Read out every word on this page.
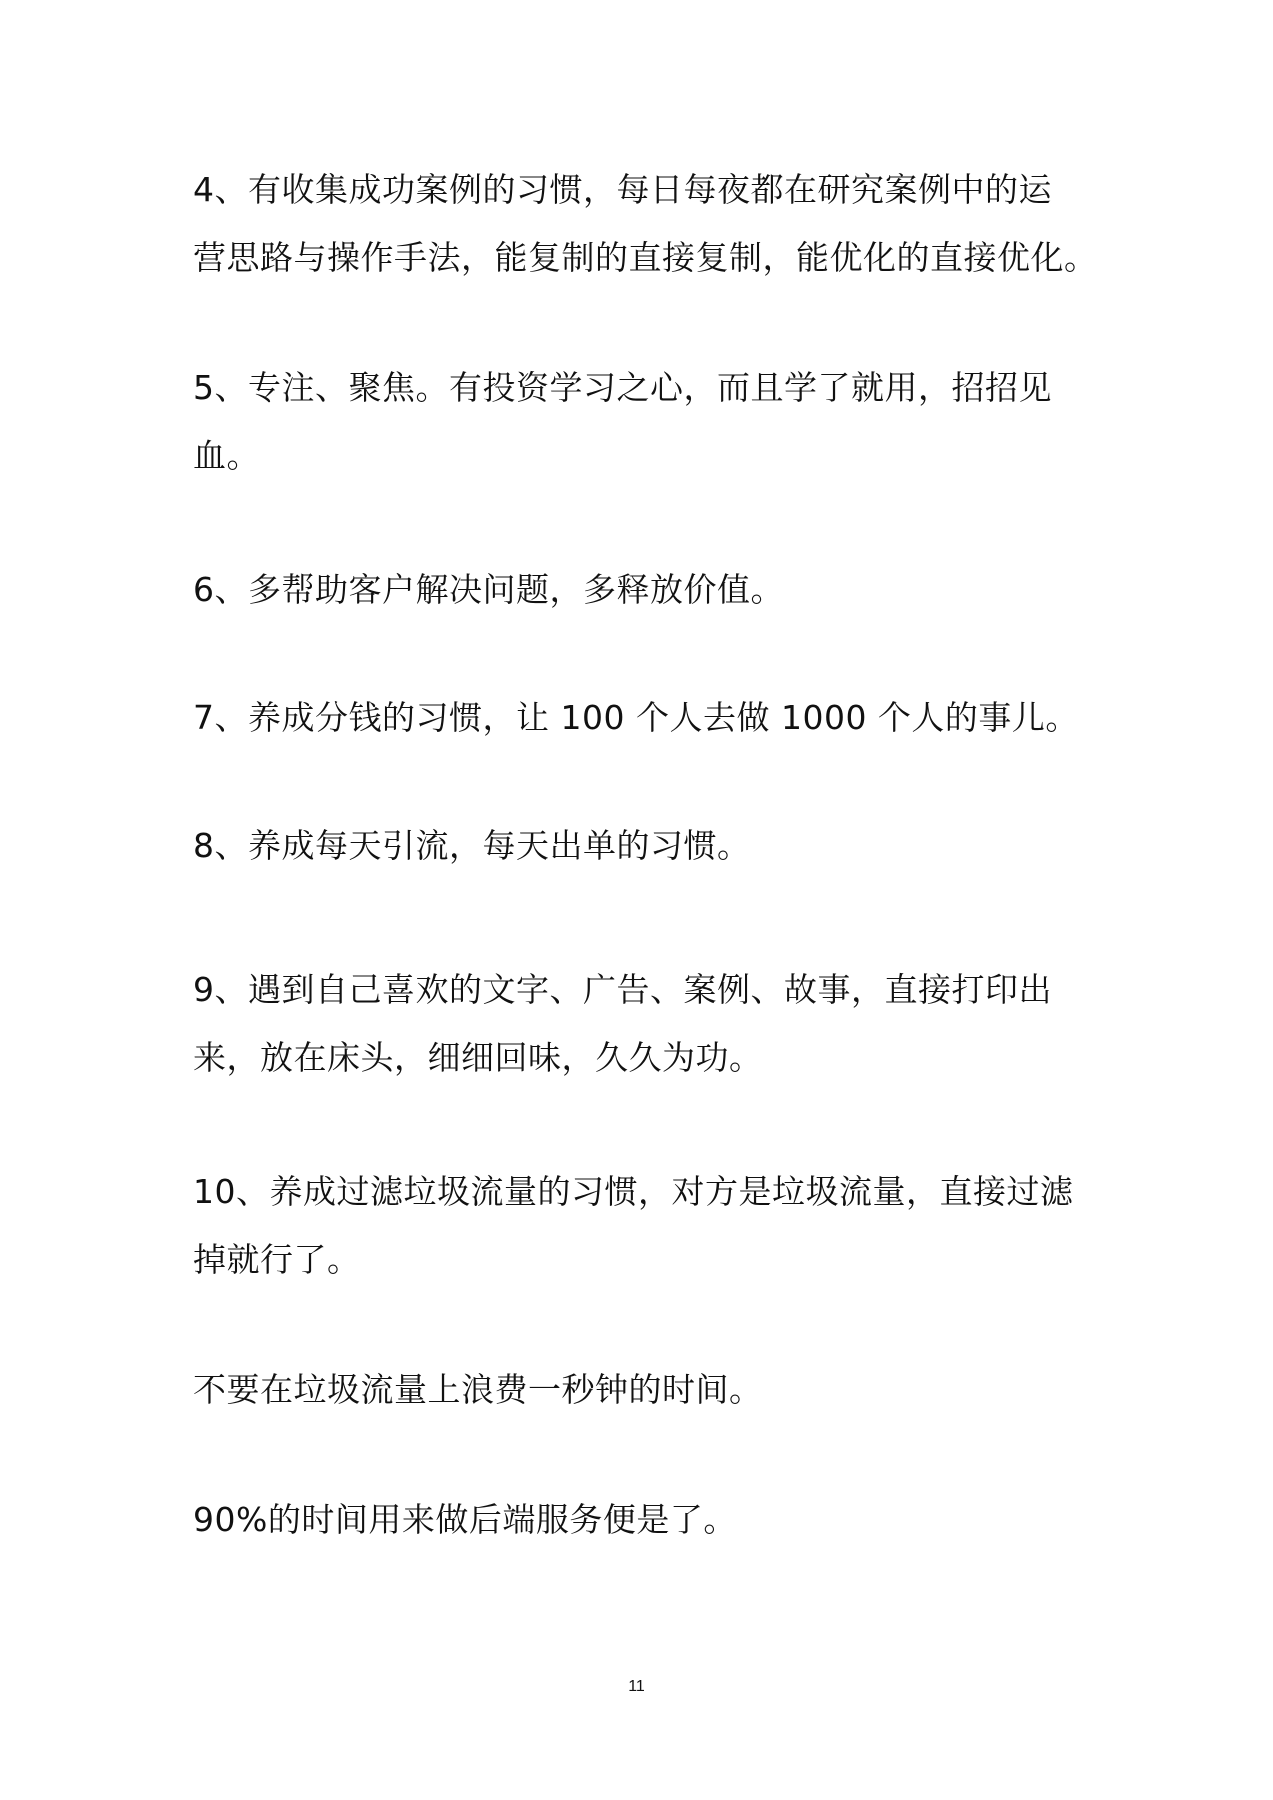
4、有收集成功案例的习惯，每日每夜都在研究案例中的运
营思路与操作手法，能复制的直接复制，能优化的直接优化。
5、专注、聚焦。有投资学习之心，而且学了就用，招招见
血。
6、多帮助客户解决问题，多释放价值。
7、养成分钱的习惯，让 100 个人去做 1000 个人的事儿。
8、养成每天引流，每天出单的习惯。
9、遇到自己喜欢的文字、广告、案例、故事，直接打印出
来，放在床头，细细回味，久久为功。
10、养成过滤垃圾流量的习惯，对方是垃圾流量，直接过滤
掉就行了。
不要在垃圾流量上浪费一秒钟的时间。
90%的时间用来做后端服务便是了。
11
